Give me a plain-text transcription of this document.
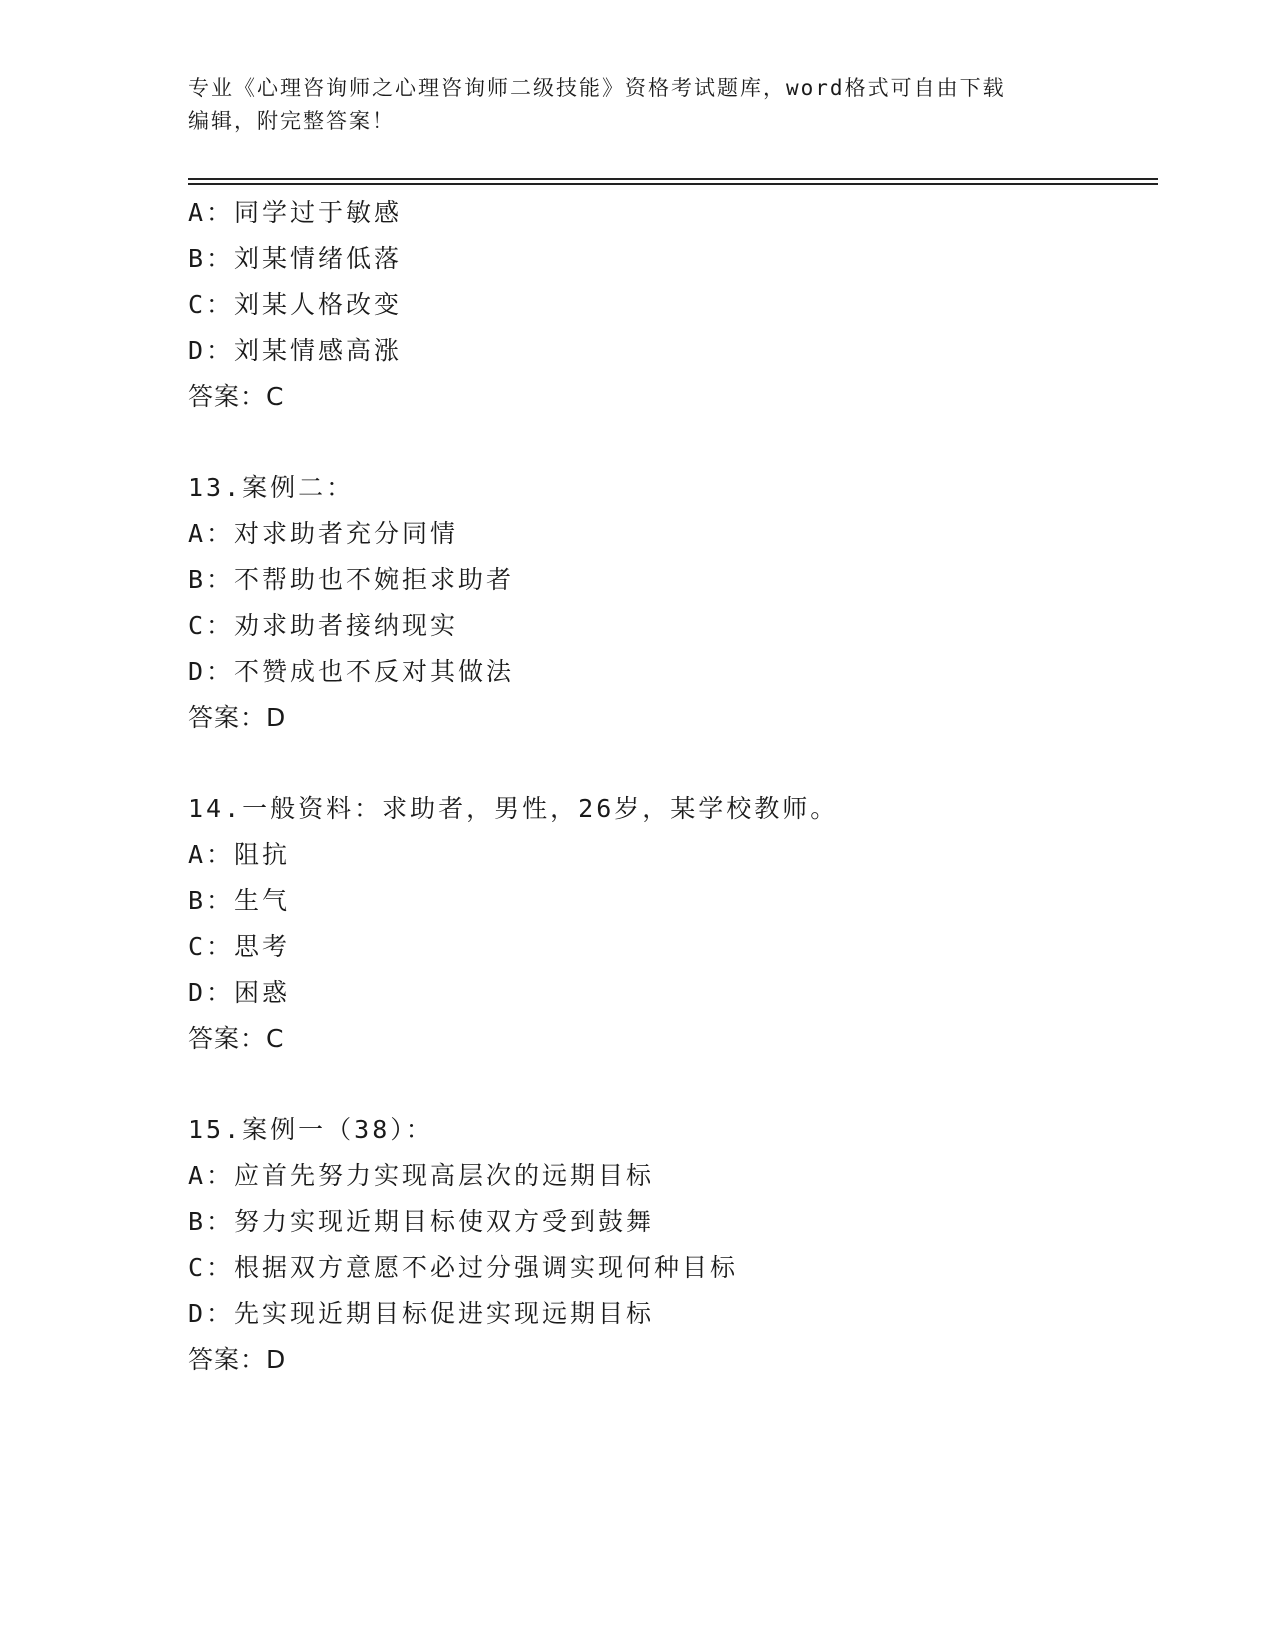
专业《心理咨询师之心理咨询师二级技能》资格考试题库，word格式可自由下载
编辑，附完整答案！
A：同学过于敏感
B：刘某情绪低落
C：刘某人格改变
D：刘某情感高涨
答案：C
13.案例二：
A：对求助者充分同情
B：不帮助也不婉拒求助者
C：劝求助者接纳现实
D：不赞成也不反对其做法
答案：D
14.一般资料：求助者，男性，26岁，某学校教师。
A：阻抗
B：生气
C：思考
D：困惑
答案：C
15.案例一（38）：
A：应首先努力实现高层次的远期目标
B：努力实现近期目标使双方受到鼓舞
C：根据双方意愿不必过分强调实现何种目标
D：先实现近期目标促进实现远期目标
答案：D
